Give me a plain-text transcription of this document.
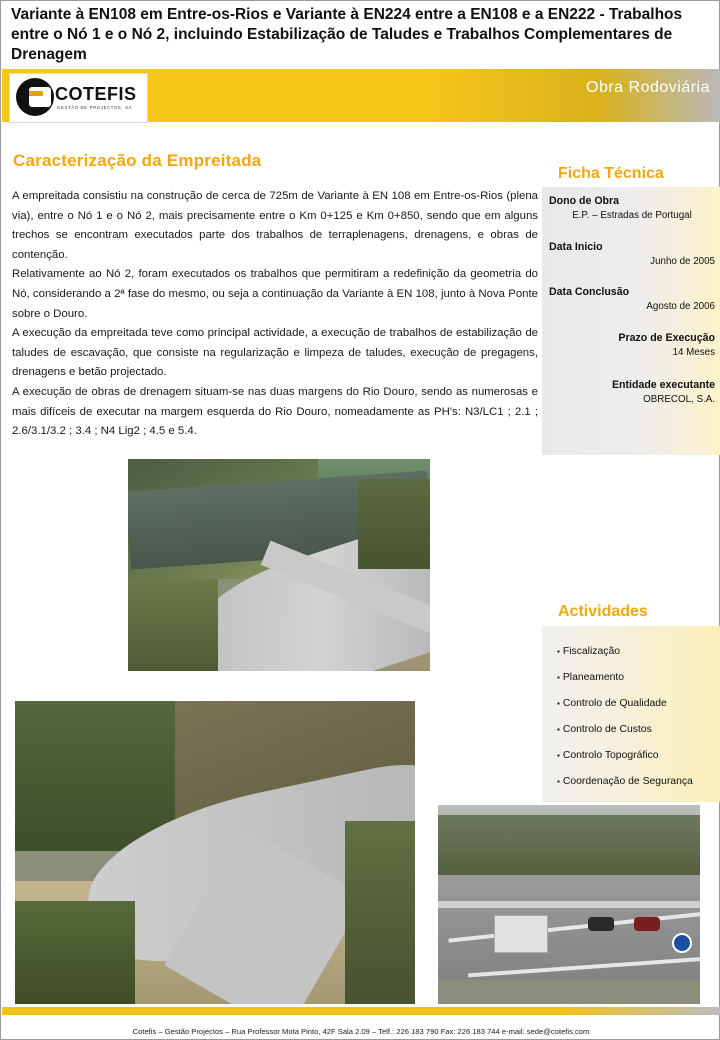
Variante à EN108 em Entre-os-Rios e Variante à EN224 entre a EN108 e a EN222 - Trabalhos entre o Nó 1 e o Nó 2, incluindo Estabilização de Taludes e Trabalhos Complementares de Drenagem
Obra Rodoviária
COTEFIS
GESTÃO DE PROJECTOS, SA
Caracterização da Empreitada

A empreitada consistiu na construção de cerca de 725m de Variante à EN 108 em Entre-os-Rios (plena via), entre o Nó 1 e o Nó 2, mais precisamente entre o Km 0+125 e Km 0+850, sendo que em alguns trechos se encontram executados parte dos trabalhos de terraplenagens, drenagens, e obras de contenção.

Relativamente ao Nó 2, foram executados os trabalhos que permitiram a redefinição da geometria do Nó, considerando a 2ª fase do mesmo, ou seja a continuação da Variante à EN 108, junto à Nova Ponte sobre o Douro.

A execução da empreitada teve como principal actividade, a execução de trabalhos de estabilização de taludes de escavação, que consiste na regularização e limpeza de taludes, execução de pregagens, drenagens e betão projectado.

A execução de obras de drenagem situam-se nas duas margens do Rio Douro, sendo as numerosas e mais difíceis de executar na margem esquerda do Rio Douro, nomeadamente as PH's: N3/LC1 ; 2.1 ; 2.6/3.1/3.2 ; 3.4 ; N4 Lig2 ; 4.5 e 5.4.

Ficha Técnica
Dono de Obra
E.P. – Estradas de Portugal
Data Inicio
Junho de 2005
Data Conclusão
Agosto de 2006
Prazo de Execução
14 Meses
Entidade executante
OBRECOL, S.A.
Actividades
▪ Fiscalização
▪ Planeamento
▪ Controlo de Qualidade
▪ Controlo de Custos
▪ Controlo Topográfico
▪ Coordenação de Segurança
Cotefis – Gestão Projectos – Rua Professor Mota Pinto, 42F Sala 2.09 – Telf.: 226 183 790 Fax: 226 183 744 e-mail: sede@cotefis.com
